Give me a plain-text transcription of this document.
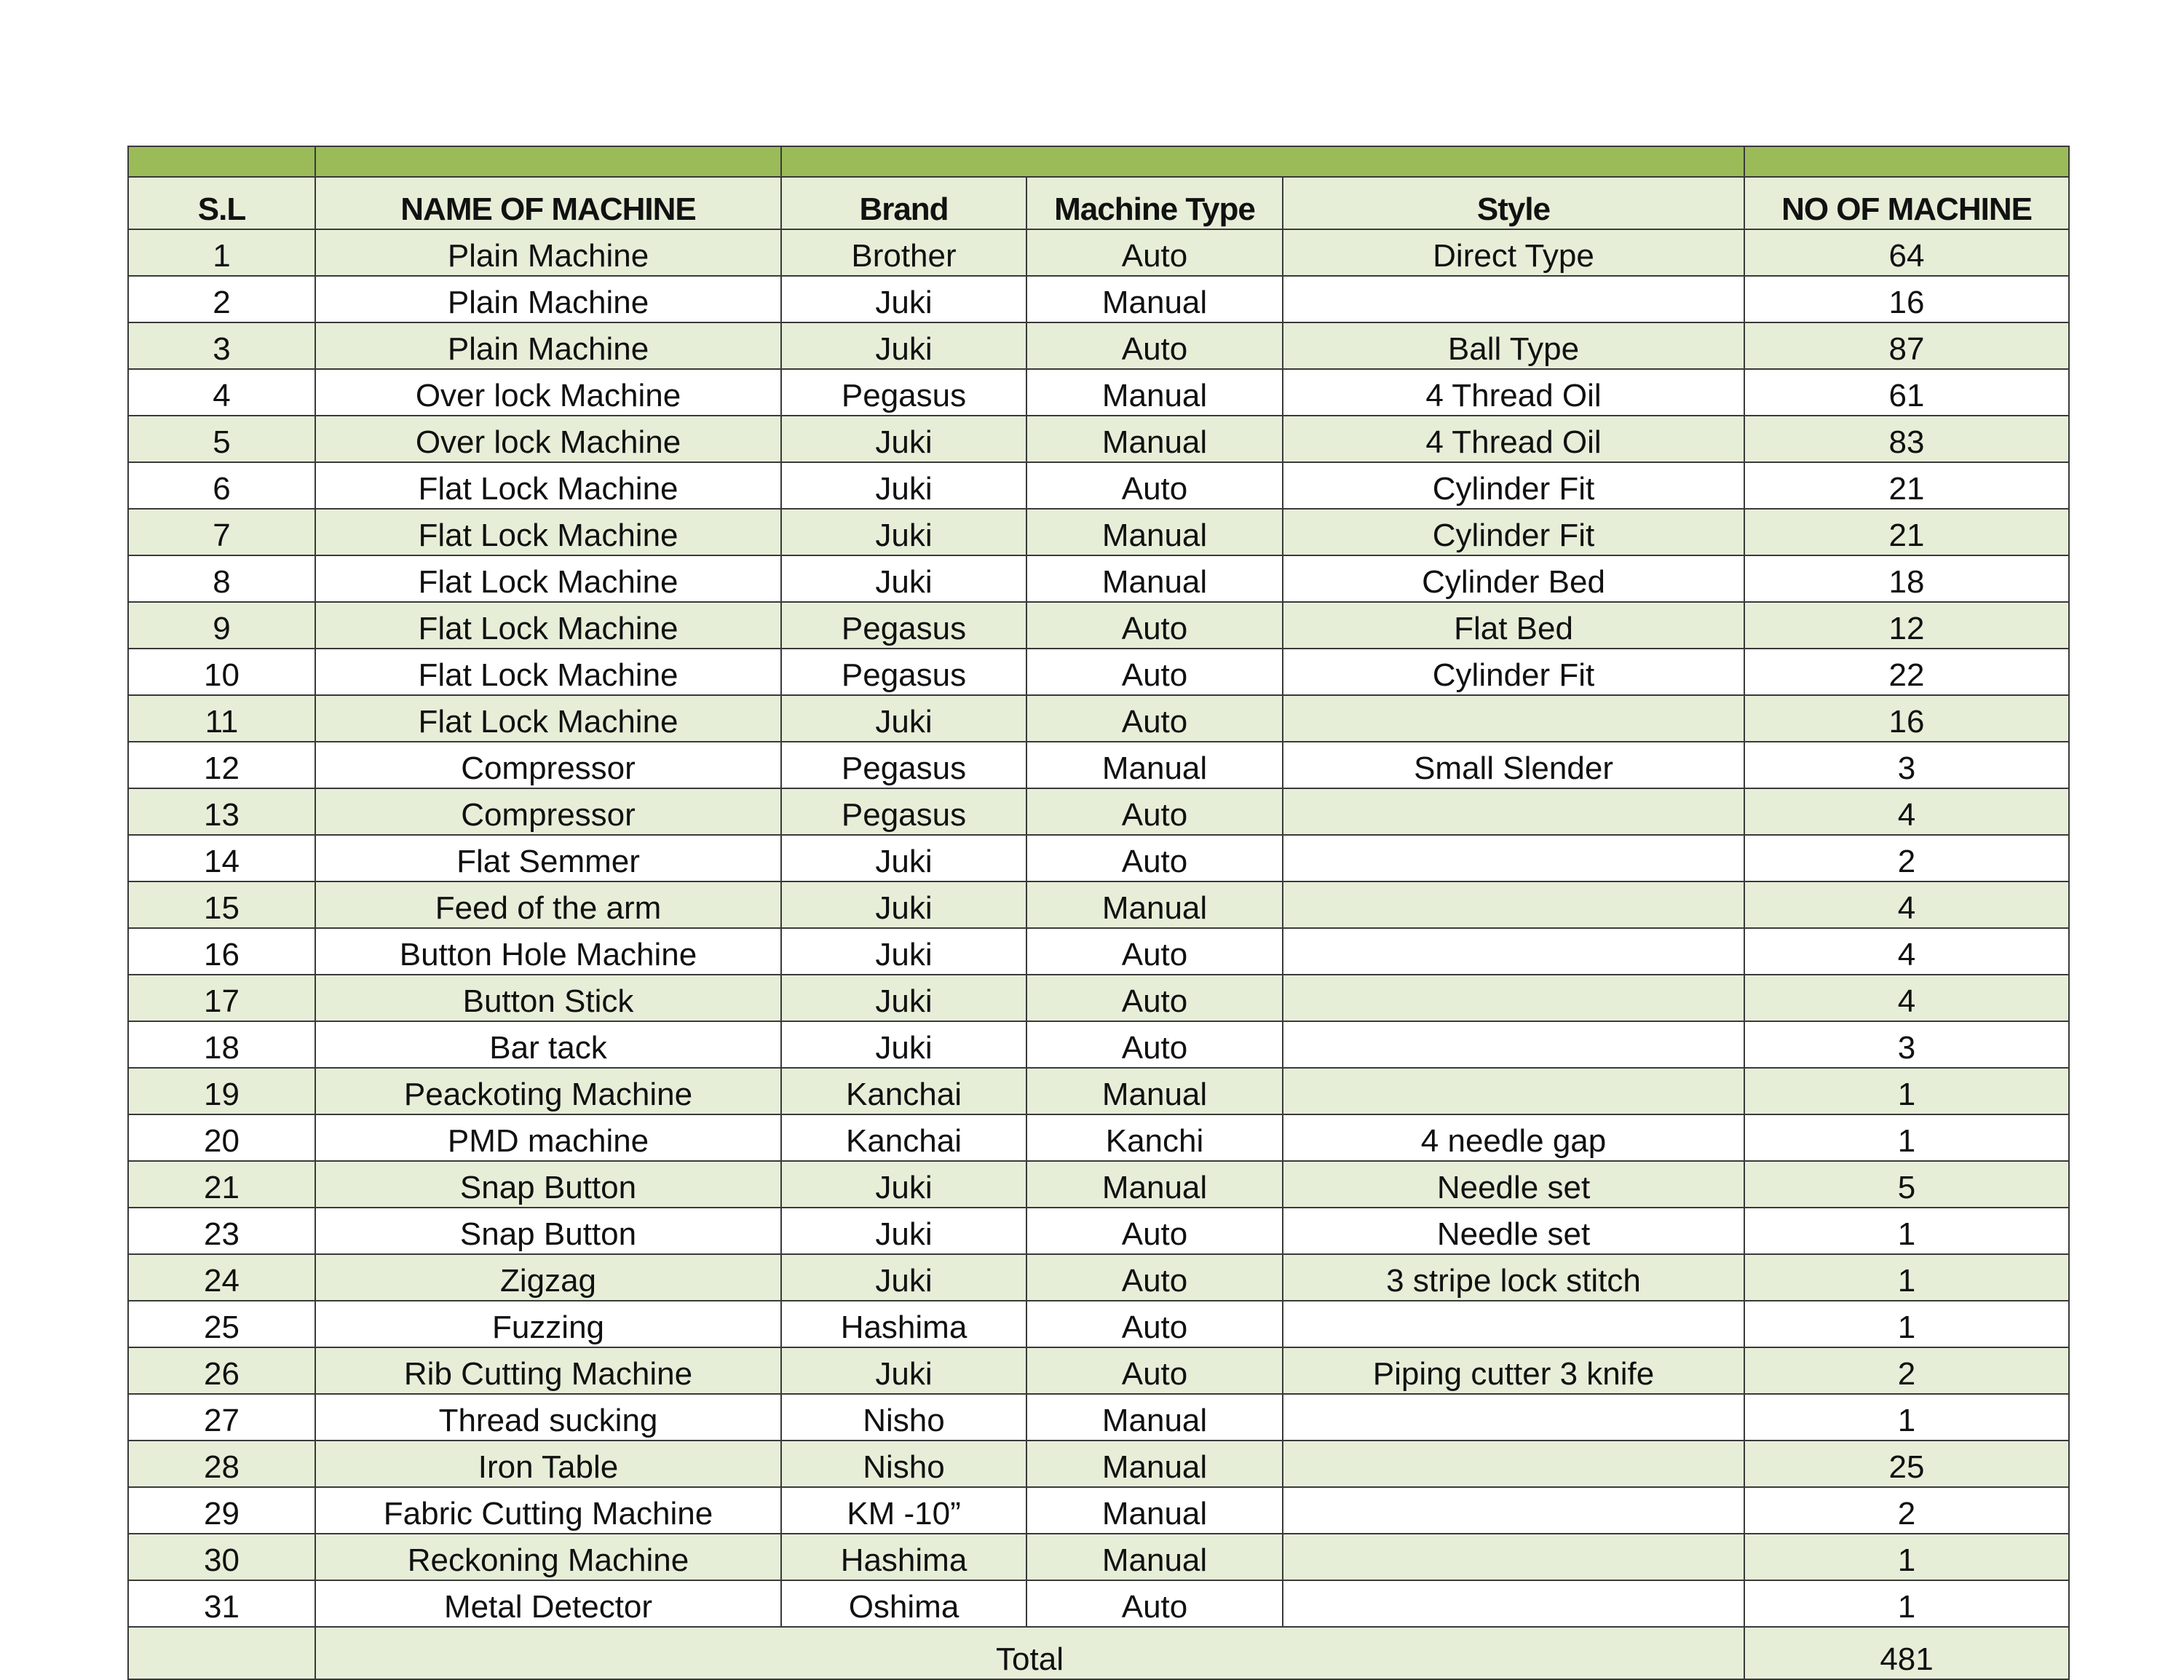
S.L	NAME OF MACHINE	Brand	Machine Type	Style	NO OF MACHINE
1	Plain Machine	Brother	Auto	Direct Type	64
2	Plain Machine	Juki	Manual		16
3	Plain Machine	Juki	Auto	Ball Type	87
4	Over lock Machine	Pegasus	Manual	4 Thread Oil	61
5	Over lock Machine	Juki	Manual	4 Thread Oil	83
6	Flat Lock Machine	Juki	Auto	Cylinder Fit	21
7	Flat Lock Machine	Juki	Manual	Cylinder Fit	21
8	Flat Lock Machine	Juki	Manual	Cylinder Bed	18
9	Flat Lock Machine	Pegasus	Auto	Flat Bed	12
10	Flat Lock Machine	Pegasus	Auto	Cylinder Fit	22
11	Flat Lock Machine	Juki	Auto		16
12	Compressor	Pegasus	Manual	Small Slender	3
13	Compressor	Pegasus	Auto		4
14	Flat Semmer	Juki	Auto		2
15	Feed of the arm	Juki	Manual		4
16	Button Hole Machine	Juki	Auto		4
17	Button Stick	Juki	Auto		4
18	Bar tack	Juki	Auto		3
19	Peackoting Machine	Kanchai	Manual		1
20	PMD machine	Kanchai	Kanchi	4 needle gap	1
21	Snap Button	Juki	Manual	Needle set	5
23	Snap Button	Juki	Auto	Needle set	1
24	Zigzag	Juki	Auto	3 stripe lock stitch	1
25	Fuzzing	Hashima	Auto		1
26	Rib Cutting Machine	Juki	Auto	Piping cutter 3 knife	2
27	Thread sucking	Nisho	Manual		1
28	Iron Table	Nisho	Manual		25
29	Fabric Cutting Machine	KM -10”	Manual		2
30	Reckoning Machine	Hashima	Manual		1
31	Metal Detector	Oshima	Auto		1
	Total				481
